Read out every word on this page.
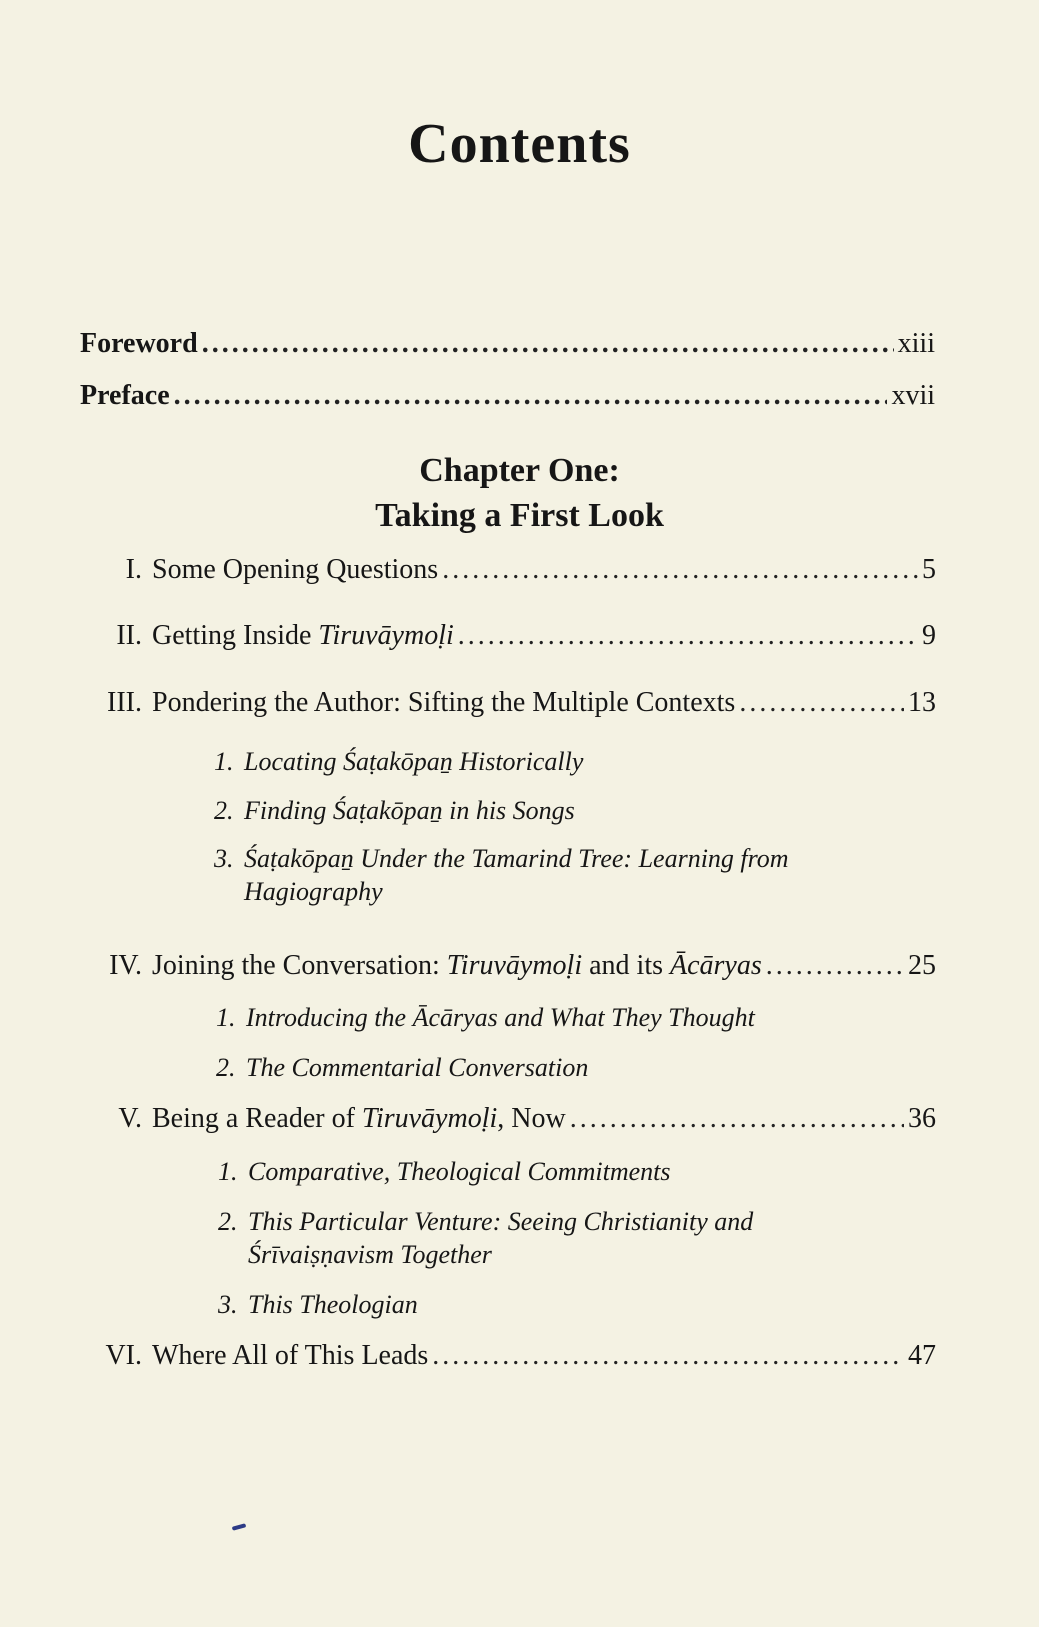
Contents
Foreword .....	xiii
Preface .....	xvii
Chapter One:
Taking a First Look
I. Some Opening Questions .....	5
II. Getting Inside Tiruvāymoḷi .....	9
III. Pondering the Author: Sifting the Multiple Contexts .....	13
1. Locating Śaṭakōpaṉ Historically
2. Finding Śaṭakōpaṉ in his Songs
3. Śaṭakōpaṉ Under the Tamarind Tree: Learning from
Hagiography
IV. Joining the Conversation: Tiruvāymoḷi and its Ācāryas .....	25
1. Introducing the Ācāryas and What They Thought
2. The Commentarial Conversation
V. Being a Reader of Tiruvāymoḷi, Now .....	36
1. Comparative, Theological Commitments
2. This Particular Venture: Seeing Christianity and
Śrīvaiṣṇavism Together
3. This Theologian
VI. Where All of This Leads .....	47
